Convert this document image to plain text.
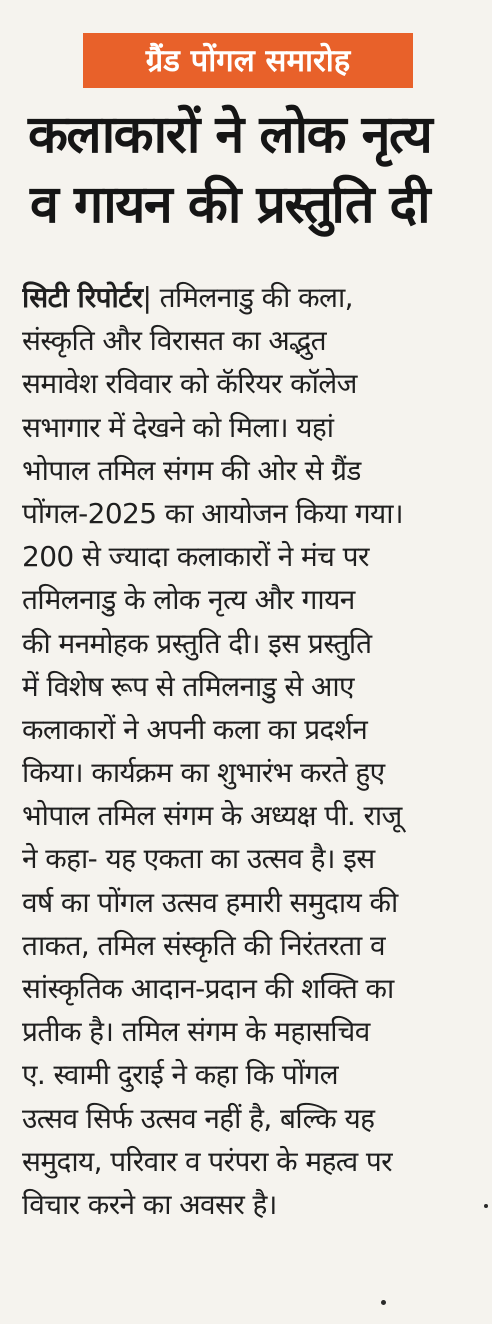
ग्रैंड पोंगल समारोह
कलाकारों ने लोक नृत्य
व गायन की प्रस्तुति दी
सिटी रिपोर्टर| तमिलनाडु की कला,
संस्कृति और विरासत का अद्भुत
समावेश रविवार को कॅरियर कॉलेज
सभागार में देखने को मिला। यहां
भोपाल तमिल संगम की ओर से ग्रैंड
पोंगल-2025 का आयोजन किया गया।
200 से ज्यादा कलाकारों ने मंच पर
तमिलनाडु के लोक नृत्य और गायन
की मनमोहक प्रस्तुति दी। इस प्रस्तुति
में विशेष रूप से तमिलनाडु से आए
कलाकारों ने अपनी कला का प्रदर्शन
किया। कार्यक्रम का शुभारंभ करते हुए
भोपाल तमिल संगम के अध्यक्ष पी. राजू
ने कहा- यह एकता का उत्सव है। इस
वर्ष का पोंगल उत्सव हमारी समुदाय की
ताकत, तमिल संस्कृति की निरंतरता व
सांस्कृतिक आदान-प्रदान की शक्ति का
प्रतीक है। तमिल संगम के महासचिव
ए. स्वामी दुराई ने कहा कि पोंगल
उत्सव सिर्फ उत्सव नहीं है, बल्कि यह
समुदाय, परिवार व परंपरा के महत्व पर
विचार करने का अवसर है।
